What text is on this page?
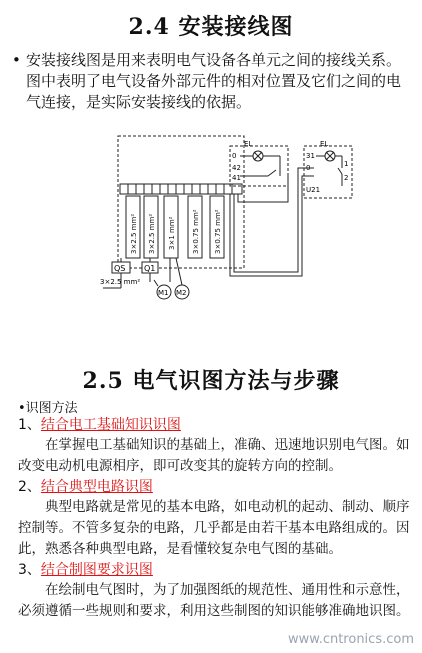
2.4 安装接线图
• 安装接线图是用来表明电气设备各单元之间的接线关系。图中表明了电气设备外部元件的相对位置及它们之间的电气连接，是实际安装接线的依据。
3×2.5 mm² 3×2.5 mm² 3×1 mm² 3×0.75 mm² 3×0.75 mm²
QS Q1
3×2.5 mm²
M1 M2
EL
0
42
41
EL
31
0
U21
1
2
2.5 电气识图方法与步骤
•识图方法
1、结合电工基础知识识图
在掌握电工基础知识的基础上，准确、迅速地识别电气图。如改变电动机电源相序，即可改变其的旋转方向的控制。
2、结合典型电路识图
典型电路就是常见的基本电路，如电动机的起动、制动、顺序控制等。不管多复杂的电路，几乎都是由若干基本电路组成的。因此，熟悉各种典型电路，是看懂较复杂电气图的基础。
3、结合制图要求识图
在绘制电气图时，为了加强图纸的规范性、通用性和示意性，必须遵循一些规则和要求，利用这些制图的知识能够准确地识图。
www.cntronics.com
